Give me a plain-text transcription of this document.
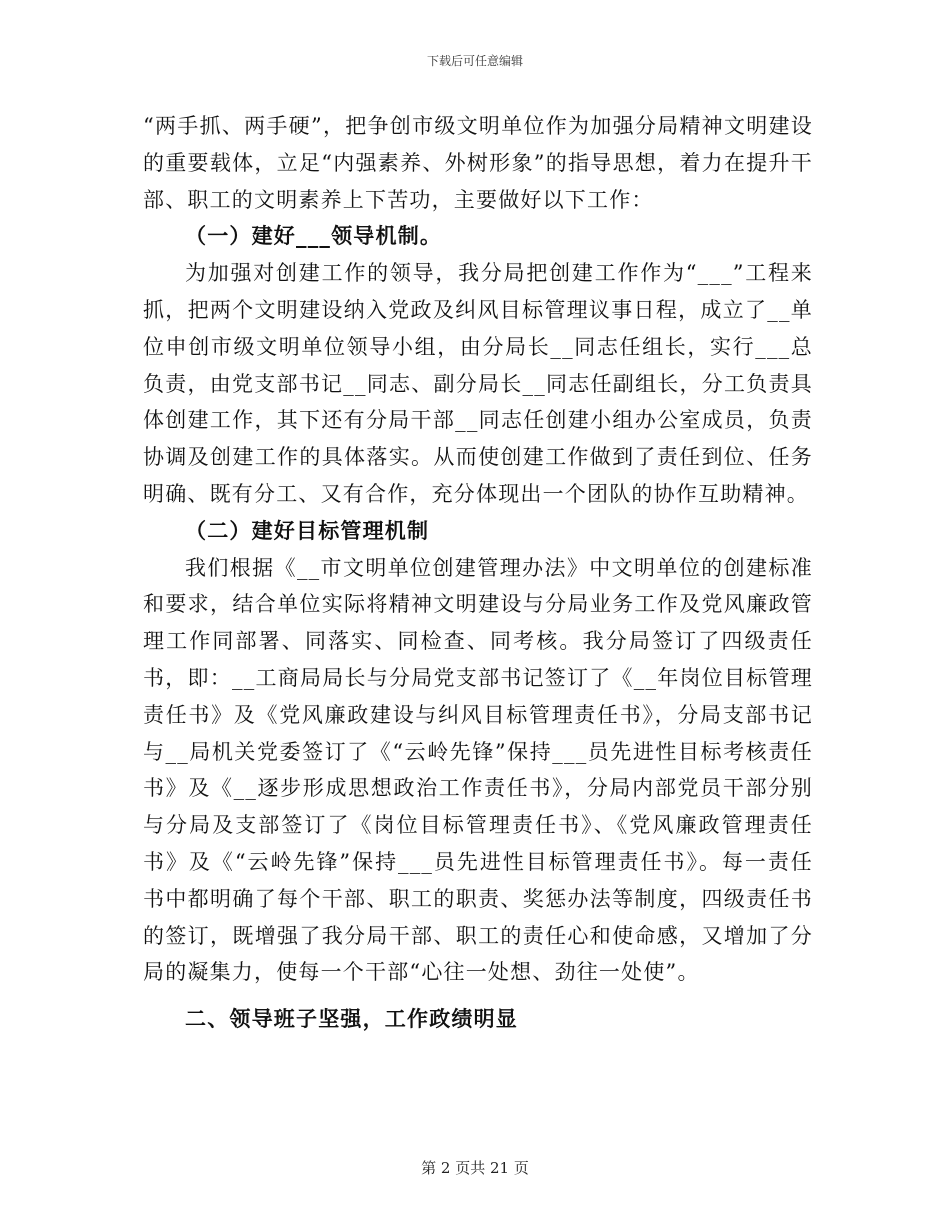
下载后可任意编辑

“两手抓、两手硬”，把争创市级文明单位作为加强分局精神文明建设的重要载体，立足“内强素养、外树形象”的指导思想，着力在提升干部、职工的文明素养上下苦功，主要做好以下工作：

（一）建好___领导机制。

为加强对创建工作的领导，我分局把创建工作作为“___”工程来抓，把两个文明建设纳入党政及纠风目标管理议事日程，成立了__单位申创市级文明单位领导小组，由分局长__同志任组长，实行___总负责，由党支部书记__同志、副分局长__同志任副组长，分工负责具体创建工作，其下还有分局干部__同志任创建小组办公室成员，负责协调及创建工作的具体落实。从而使创建工作做到了责任到位、任务明确、既有分工、又有合作，充分体现出一个团队的协作互助精神。

（二）建好目标管理机制

我们根据《__市文明单位创建管理办法》中文明单位的创建标准和要求，结合单位实际将精神文明建设与分局业务工作及党风廉政管理工作同部署、同落实、同检查、同考核。我分局签订了四级责任书，即：__工商局局长与分局党支部书记签订了《__年岗位目标管理责任书》及《党风廉政建设与纠风目标管理责任书》，分局支部书记与__局机关党委签订了《“云岭先锋”保持___员先进性目标考核责任书》及《__逐步形成思想政治工作责任书》，分局内部党员干部分别与分局及支部签订了《岗位目标管理责任书》、《党风廉政管理责任书》及《“云岭先锋”保持___员先进性目标管理责任书》。每一责任书中都明确了每个干部、职工的职责、奖惩办法等制度，四级责任书的签订，既增强了我分局干部、职工的责任心和使命感，又增加了分局的凝集力，使每一个干部“心往一处想、劲往一处使”。

二、领导班子坚强，工作政绩明显

第 2 页共 21 页
